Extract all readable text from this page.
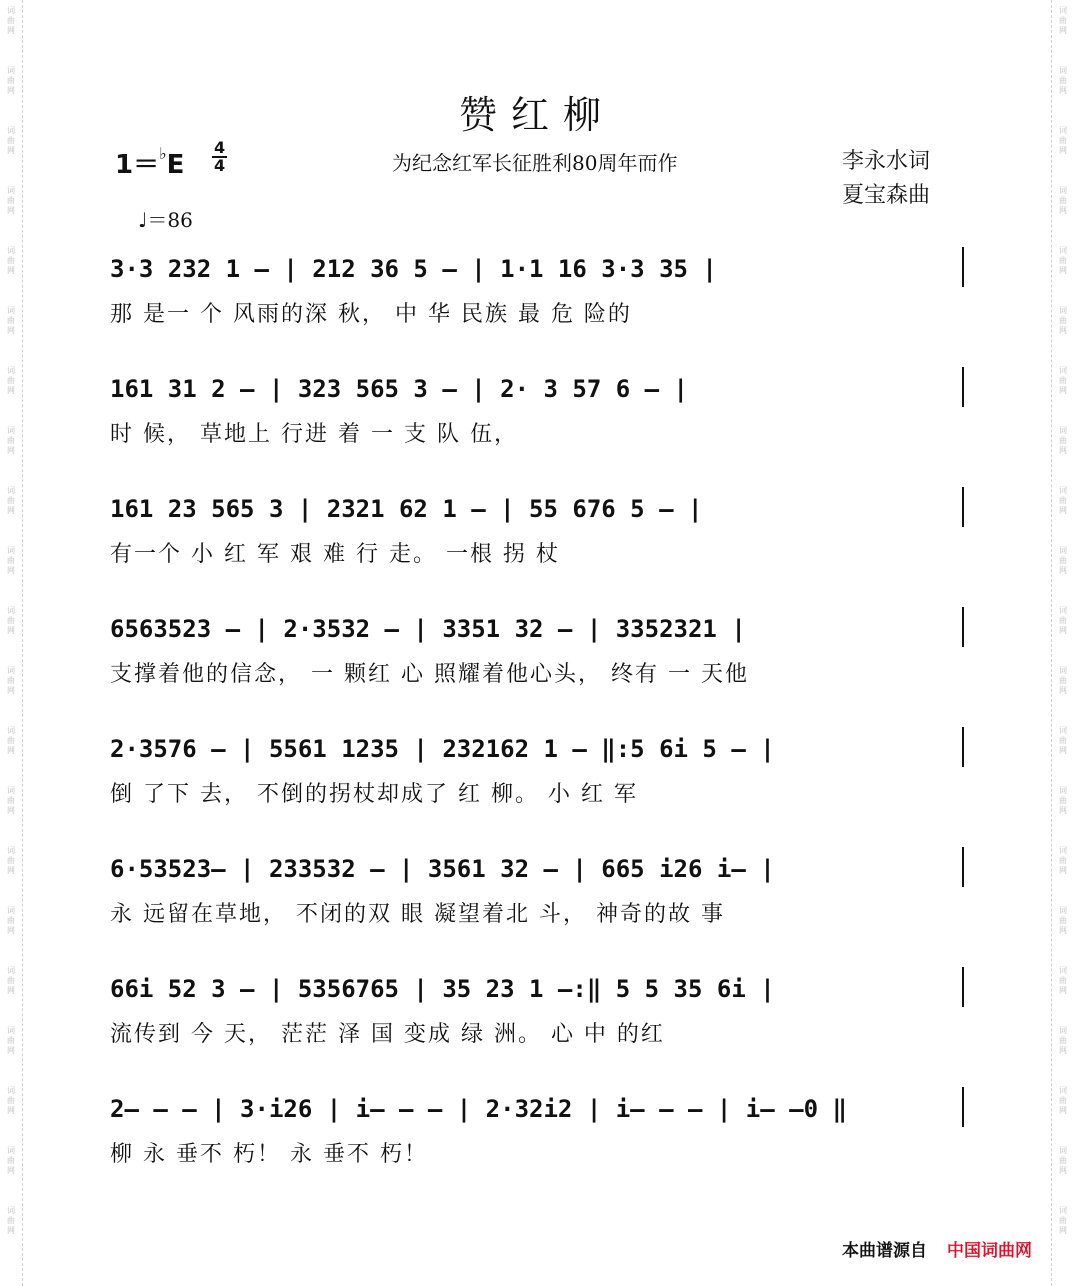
词
曲
网
词
曲
网
词
曲
网
词
曲
网
词
曲
网
词
曲
网
词
曲
网
词
曲
网
词
曲
网
词
曲
网
词
曲
网
词
曲
网
词
曲
网
词
曲
网
词
曲
网
词
曲
网
词
曲
网
词
曲
网
词
曲
网
词
曲
网
词
曲
网
词
曲
网
词
曲
网
词
曲
网
词
曲
网
词
曲
网
词
曲
网
词
曲
网
词
曲
网
词
曲
网
词
曲
网
词
曲
网
词
曲
网
词
曲
网
词
曲
网
词
曲
网
词
曲
网
词
曲
网
词
曲
网
词
曲
网
词
曲
网
词
曲
网
赞红柳
1＝♭E
4
4	为纪念红军长征胜利80周年而作	李永水词
夏宝森曲
♩＝86
3·3 232 1 – | 212 36 5 – | 1·1 16 3·3 35 |
那 是一 个 风雨的深 秋， 中 华 民族 最 危 险的
161 31 2 – | 323 565 3 – | 2· 3 57 6 – |
时 候， 草地上 行进 着 一 支 队 伍，
161 23 565 3 | 2321 62 1 – | 55 676 5 – |
有一个 小 红 军 艰 难 行 走。 一根 拐 杖
6563523 – | 2·3532 – | 3351 32 – | 3352321 |
支撑着他的信念， 一 颗红 心 照耀着他心头， 终有 一 天他
2·3576 – | 5561 1235 | 232162 1 – ‖:5 6i 5 – |
倒 了下 去， 不倒的拐杖却成了 红 柳。 小 红 军
6·53523– | 233532 – | 3561 32 – | 665 i26 i– |
永 远留在草地， 不闭的双 眼 凝望着北 斗， 神奇的故 事
66i 52 3 – | 5356765 | 35 23 1 –:‖ 5 5 35 6i |
流传到 今 天， 茫茫 泽 国 变成 绿 洲。 心 中 的红
2– – – | 3·i26 | i– – – | 2·32i2 | i– – – | i– –0 ‖
柳 永 垂不 朽！ 永 垂不 朽！
本曲谱源自 中国词曲网
